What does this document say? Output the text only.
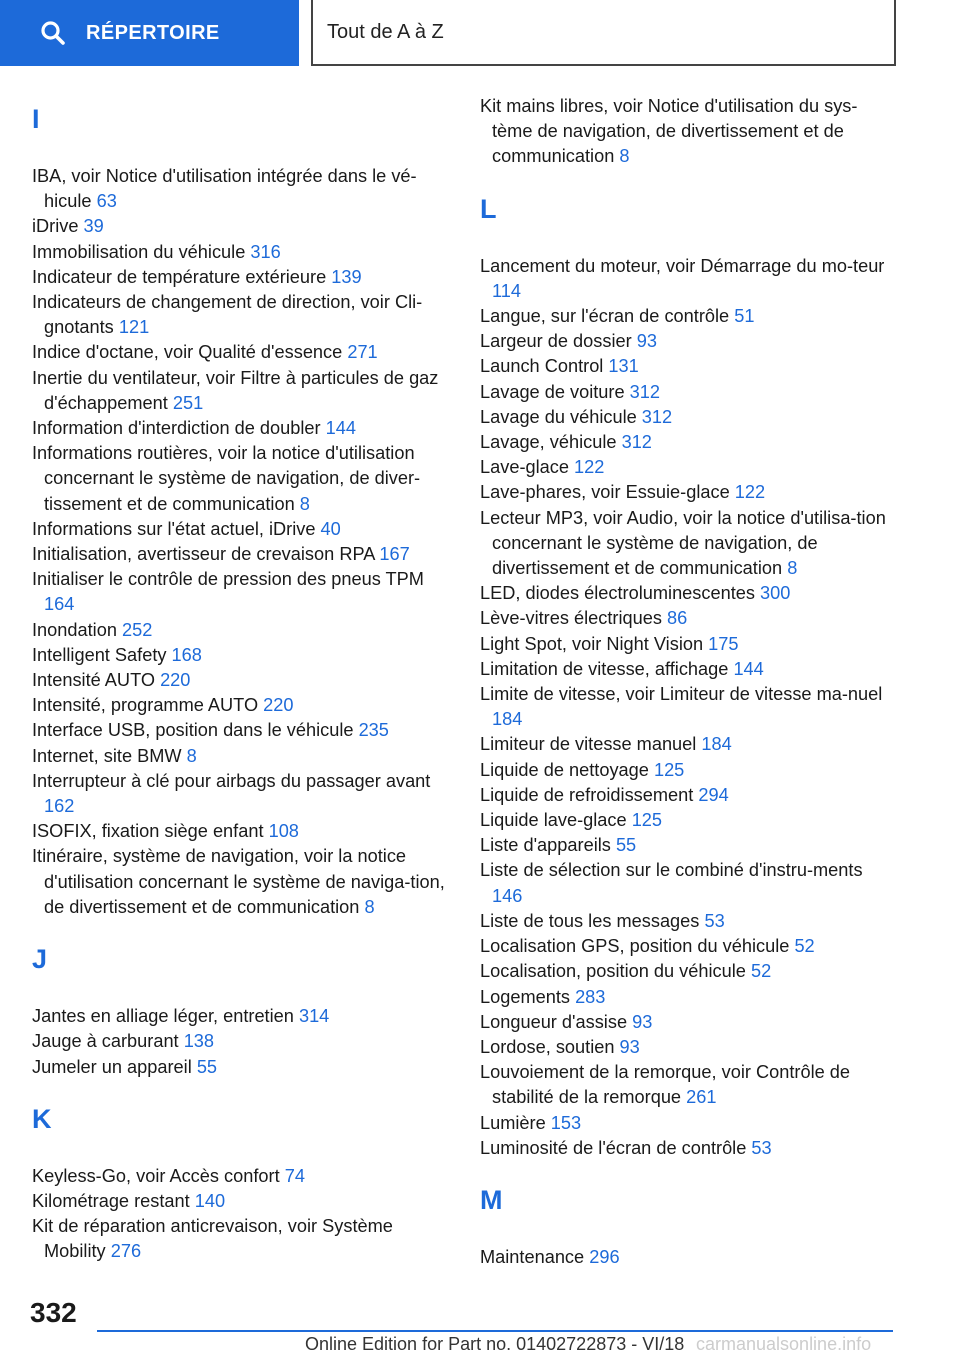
RÉPERTOIRE	Tout de A à Z
I
IBA, voir Notice d'utilisation intégrée dans le vé-hicule 63
iDrive 39
Immobilisation du véhicule 316
Indicateur de température extérieure 139
Indicateurs de changement de direction, voir Cli-gnotants 121
Indice d'octane, voir Qualité d'essence 271
Inertie du ventilateur, voir Filtre à particules de gaz d'échappement 251
Information d'interdiction de doubler 144
Informations routières, voir la notice d'utilisation concernant le système de navigation, de diver-tissement et de communication 8
Informations sur l'état actuel, iDrive 40
Initialisation, avertisseur de crevaison RPA 167
Initialiser le contrôle de pression des pneus TPM 164
Inondation 252
Intelligent Safety 168
Intensité AUTO 220
Intensité, programme AUTO 220
Interface USB, position dans le véhicule 235
Internet, site BMW 8
Interrupteur à clé pour airbags du passager avant 162
ISOFIX, fixation siège enfant 108
Itinéraire, système de navigation, voir la notice d'utilisation concernant le système de naviga-tion, de divertissement et de communication 8
J
Jantes en alliage léger, entretien 314
Jauge à carburant 138
Jumeler un appareil 55
K
Keyless-Go, voir Accès confort 74
Kilométrage restant 140
Kit de réparation anticrevaison, voir Système Mobility 276
Kit mains libres, voir Notice d'utilisation du sys-tème de navigation, de divertissement et de communication 8
L
Lancement du moteur, voir Démarrage du mo-teur 114
Langue, sur l'écran de contrôle 51
Largeur de dossier 93
Launch Control 131
Lavage de voiture 312
Lavage du véhicule 312
Lavage, véhicule 312
Lave-glace 122
Lave-phares, voir Essuie-glace 122
Lecteur MP3, voir Audio, voir la notice d'utilisa-tion concernant le système de navigation, de divertissement et de communication 8
LED, diodes électroluminescentes 300
Lève-vitres électriques 86
Light Spot, voir Night Vision 175
Limitation de vitesse, affichage 144
Limite de vitesse, voir Limiteur de vitesse ma-nuel 184
Limiteur de vitesse manuel 184
Liquide de nettoyage 125
Liquide de refroidissement 294
Liquide lave-glace 125
Liste d'appareils 55
Liste de sélection sur le combiné d'instru-ments 146
Liste de tous les messages 53
Localisation GPS, position du véhicule 52
Localisation, position du véhicule 52
Logements 283
Longueur d'assise 93
Lordose, soutien 93
Louvoiement de la remorque, voir Contrôle de stabilité de la remorque 261
Lumière 153
Luminosité de l'écran de contrôle 53
M
Maintenance 296
332
Online Edition for Part no. 01402722873 - VI/18 carmanualsonline.info
